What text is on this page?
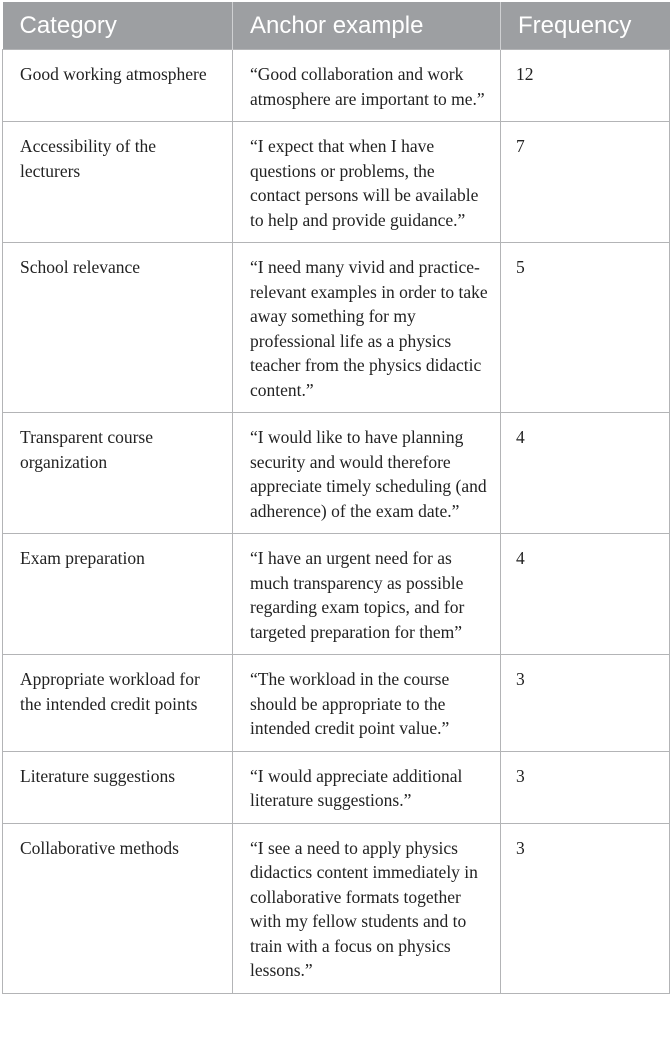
Category	Anchor example	Frequency
Good working atmosphere	“Good collaboration and work atmosphere are important to me.”	12
Accessibility of the lecturers	“I expect that when I have questions or problems, the contact persons will be available to help and provide guidance.”	7
School relevance	“I need many vivid and practice-relevant examples in order to take away something for my professional life as a physics teacher from the physics didactic content.”	5
Transparent course organization	“I would like to have planning security and would therefore appreciate timely scheduling (and adherence) of the exam date.”	4
Exam preparation	“I have an urgent need for as much transparency as possible regarding exam topics, and for targeted preparation for them”	4
Appropriate workload for the intended credit points	“The workload in the course should be appropriate to the intended credit point value.”	3
Literature suggestions	“I would appreciate additional literature suggestions.”	3
Collaborative methods	“I see a need to apply physics didactics content immediately in collaborative formats together with my fellow students and to train with a focus on physics lessons.”	3
